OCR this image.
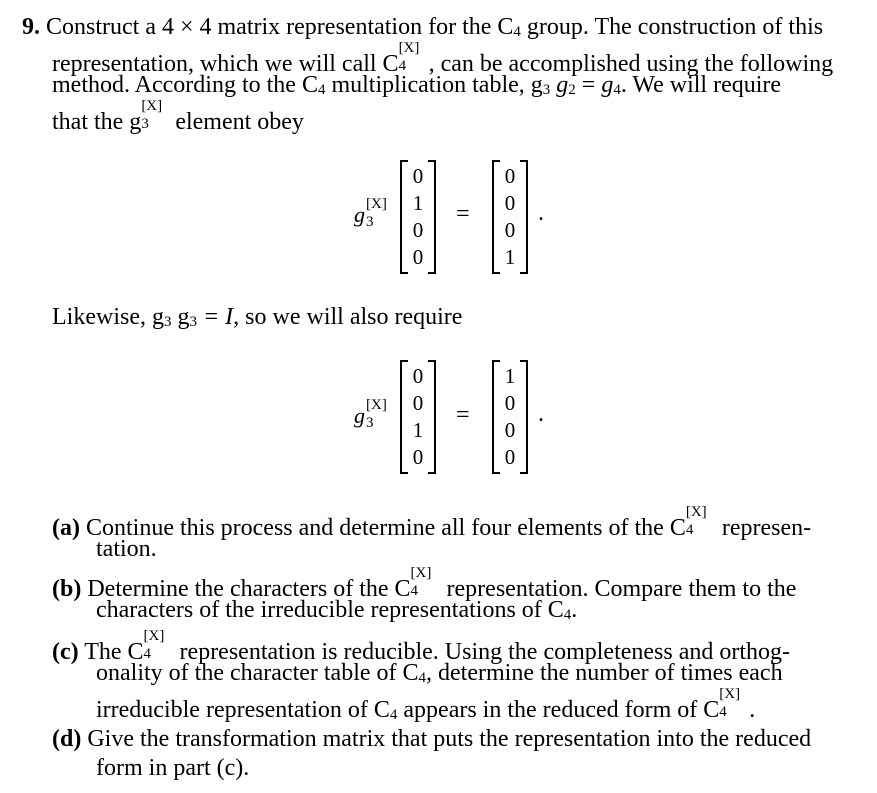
9. Construct a 4 × 4 matrix representation for the $C_4$ group. The construction of this
representation, which we will call C
[X]
4 , can be accomplished using the following
method. According to the $C_4$ multiplication table, $g_3$ $g_2 = g_4$. We will require
that the g
[X]
3 element obey
g [X]
3
0
1
0
0
=
0
0
0
1
.
Likewise, $g_3$ $g_3 = I$, so we will also require
g [X]
3
0
0
1
0
=
1
0
0
0
.
(a) Continue this process and determine all four elements of the C
[X]
4 represen-
tation.
(b) Determine the characters of the C
[X]
4 representation. Compare them to the
characters of the irreducible representations of $C_4$.
(c) The C
[X]
4 representation is reducible. Using the completeness and orthog-
onality of the character table of $C_4$, determine the number of times each
irreducible representation of $C_4$ appears in the reduced form of C
[X]
4 .
(d) Give the transformation matrix that puts the representation into the reduced
form in part (c).
